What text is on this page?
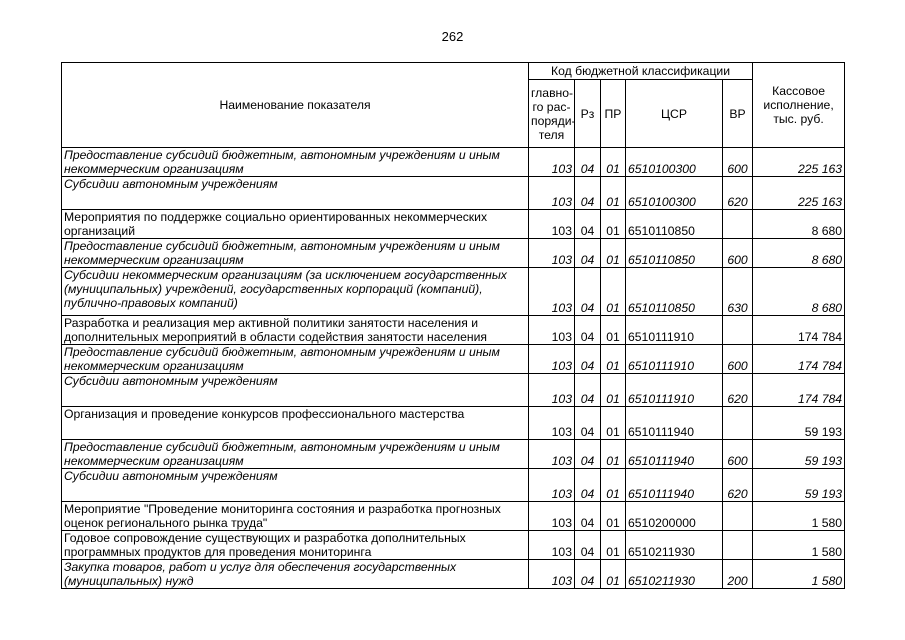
262
Наименование показателя	Код бюджетной классификации					Кассовое
исполнение,
тыс. руб.

	главно-
го рас-
поряди-
теля	Рз	ПР	ЦСР	ВР	
Предоставление субсидий бюджетным, автономным учреждениям и иным некоммерческим организациям	103	04	01	6510100300	600	225 163
Субсидии автономным учреждениям	103	04	01	6510100300	620	225 163
Мероприятия по поддержке социально ориентированных некоммерческих организаций	103	04	01	6510110850		8 680
Предоставление субсидий бюджетным, автономным учреждениям и иным некоммерческим организациям	103	04	01	6510110850	600	8 680
Субсидии некоммерческим организациям (за исключением государственных (муниципальных) учреждений, государственных корпораций (компаний), публично-правовых компаний)	103	04	01	6510110850	630	8 680
Разработка и реализация мер активной политики занятости населения и дополнительных мероприятий в области содействия занятости населения	103	04	01	6510111910		174 784
Предоставление субсидий бюджетным, автономным учреждениям и иным некоммерческим организациям	103	04	01	6510111910	600	174 784
Субсидии автономным учреждениям	103	04	01	6510111910	620	174 784
Организация и проведение конкурсов профессионального мастерства	103	04	01	6510111940		59 193
Предоставление субсидий бюджетным, автономным учреждениям и иным некоммерческим организациям	103	04	01	6510111940	600	59 193
Субсидии автономным учреждениям	103	04	01	6510111940	620	59 193
Мероприятие "Проведение мониторинга состояния и разработка прогнозных оценок регионального рынка труда"	103	04	01	6510200000		1 580
Годовое сопровождение существующих и разработка дополнительных программных продуктов для проведения мониторинга	103	04	01	6510211930		1 580
Закупка товаров, работ и услуг для обеспечения государственных (муниципальных) нужд	103	04	01	6510211930	200	1 580
